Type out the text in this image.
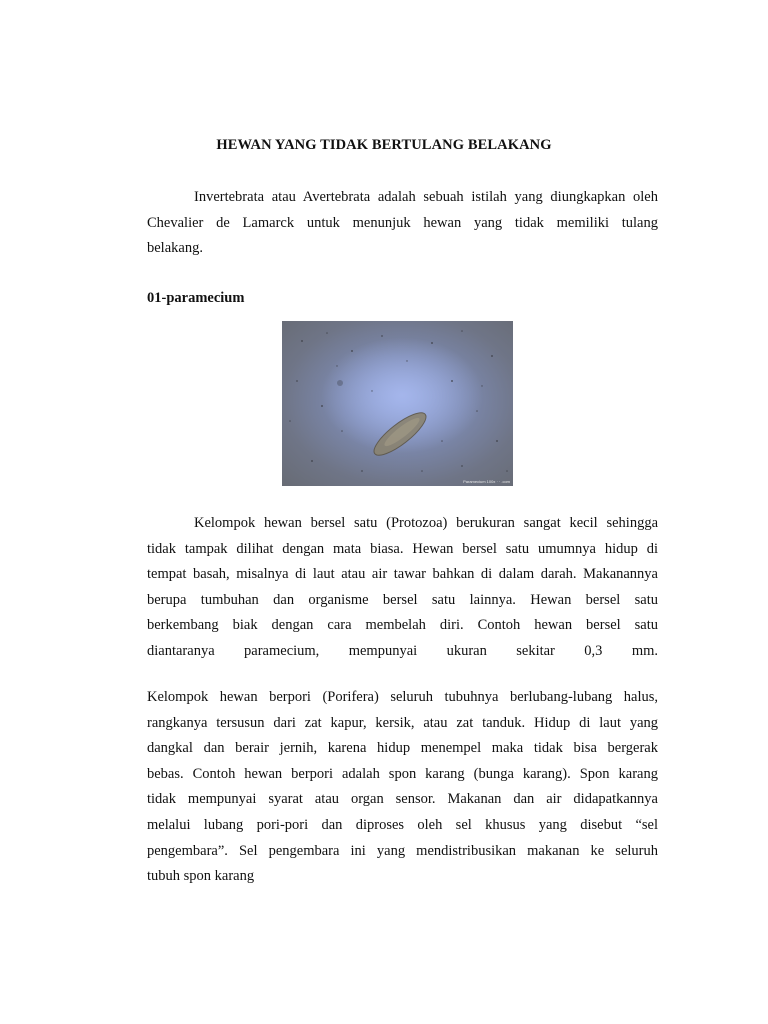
HEWAN YANG TIDAK BERTULANG BELAKANG
Invertebrata atau Avertebrata adalah sebuah istilah yang diungkapkan oleh
Chevalier de Lamarck untuk menunjuk hewan yang tidak memiliki tulang
belakang.
01-paramecium
Paramecium 100x · · .com
Kelompok hewan bersel satu (Protozoa) berukuran sangat kecil sehingga
tidak tampak dilihat dengan mata biasa. Hewan bersel satu umumnya hidup di
tempat basah, misalnya di laut atau air tawar bahkan di dalam darah. Makanannya
berupa tumbuhan dan organisme bersel satu lainnya. Hewan bersel satu
berkembang biak dengan cara membelah diri. Contoh hewan bersel satu
diantaranya paramecium, mempunyai ukuran sekitar 0,3 mm.
Kelompok hewan berpori (Porifera) seluruh tubuhnya berlubang-lubang halus,
rangkanya tersusun dari zat kapur, kersik, atau zat tanduk. Hidup di laut yang
dangkal dan berair jernih, karena hidup menempel maka tidak bisa bergerak
bebas. Contoh hewan berpori adalah spon karang (bunga karang). Spon karang
tidak mempunyai syarat atau organ sensor. Makanan dan air didapatkannya
melalui lubang pori-pori dan diproses oleh sel khusus yang disebut “sel
pengembara”. Sel pengembara ini yang mendistribusikan makanan ke seluruh
tubuh spon karang
